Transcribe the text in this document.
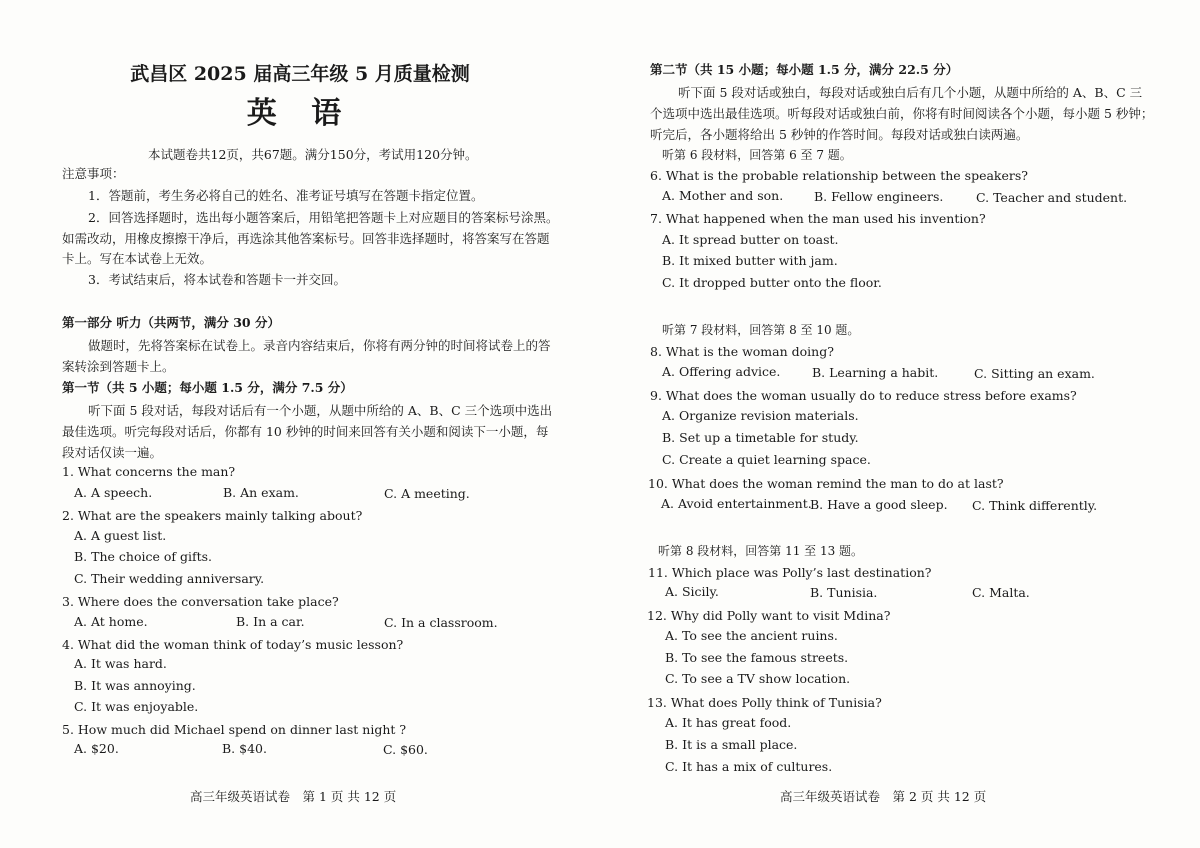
武昌区 2025 届高三年级 5 月质量检测
英 语
本试题卷共12页，共67题。满分150分，考试用120分钟。
注意事项：
1．答题前，考生务必将自己的姓名、准考证号填写在答题卡指定位置。
2．回答选择题时，选出每小题答案后，用铅笔把答题卡上对应题目的答案标号涂黑。
如需改动，用橡皮擦擦干净后，再选涂其他答案标号。回答非选择题时，将答案写在答题
卡上。写在本试卷上无效。
3．考试结束后，将本试卷和答题卡一并交回。
第一部分 听力（共两节，满分 30 分）
做题时，先将答案标在试卷上。录音内容结束后，你将有两分钟的时间将试卷上的答
案转涂到答题卡上。
第一节（共 5 小题；每小题 1.5 分，满分 7.5 分）
听下面 5 段对话，每段对话后有一个小题，从题中所给的 A、B、C 三个选项中选出
最佳选项。听完每段对话后，你都有 10 秒钟的时间来回答有关小题和阅读下一小题，每
段对话仅读一遍。
1. What concerns the man?
A. A speech.	B. An exam.	C. A meeting.
2. What are the speakers mainly talking about?
A. A guest list.
B. The choice of gifts.
C. Their wedding anniversary.
3. Where does the conversation take place?
A. At home.	B. In a car.	C. In a classroom.
4. What did the woman think of today’s music lesson?
A. It was hard.
B. It was annoying.
C. It was enjoyable.
5. How much did Michael spend on dinner last night ?
A. $20.	B. $40.	C. $60.
高三年级英语试卷　第 1 页 共 12 页
第二节（共 15 小题；每小题 1.5 分，满分 22.5 分）
听下面 5 段对话或独白，每段对话或独白后有几个小题，从题中所给的 A、B、C 三
个选项中选出最佳选项。听每段对话或独白前，你将有时间阅读各个小题，每小题 5 秒钟；
听完后，各小题将给出 5 秒钟的作答时间。每段对话或独白读两遍。
听第 6 段材料，回答第 6 至 7 题。
6. What is the probable relationship between the speakers?
A. Mother and son. B. Fellow engineers.	C. Teacher and student.
7. What happened when the man used his invention?
A. It spread butter on toast.
B. It mixed butter with jam.
C. It dropped butter onto the floor.
听第 7 段材料，回答第 8 至 10 题。
8. What is the woman doing?
A. Offering advice.	B. Learning a habit.	C. Sitting an exam.
9. What does the woman usually do to reduce stress before exams?
A. Organize revision materials.
B. Set up a timetable for study.
C. Create a quiet learning space.
10. What does the woman remind the man to do at last?
A. Avoid entertainment.
B. Have a good sleep. C. Think differently.
听第 8 段材料，回答第 11 至 13 题。
11. Which place was Polly’s last destination?
A. Sicily.	B. Tunisia.	C. Malta.
12. Why did Polly want to visit Mdina?
A. To see the ancient ruins.
B. To see the famous streets.
C. To see a TV show location.
13. What does Polly think of Tunisia?
A. It has great food.
B. It is a small place.
C. It has a mix of cultures.
高三年级英语试卷　第 2 页 共 12 页
